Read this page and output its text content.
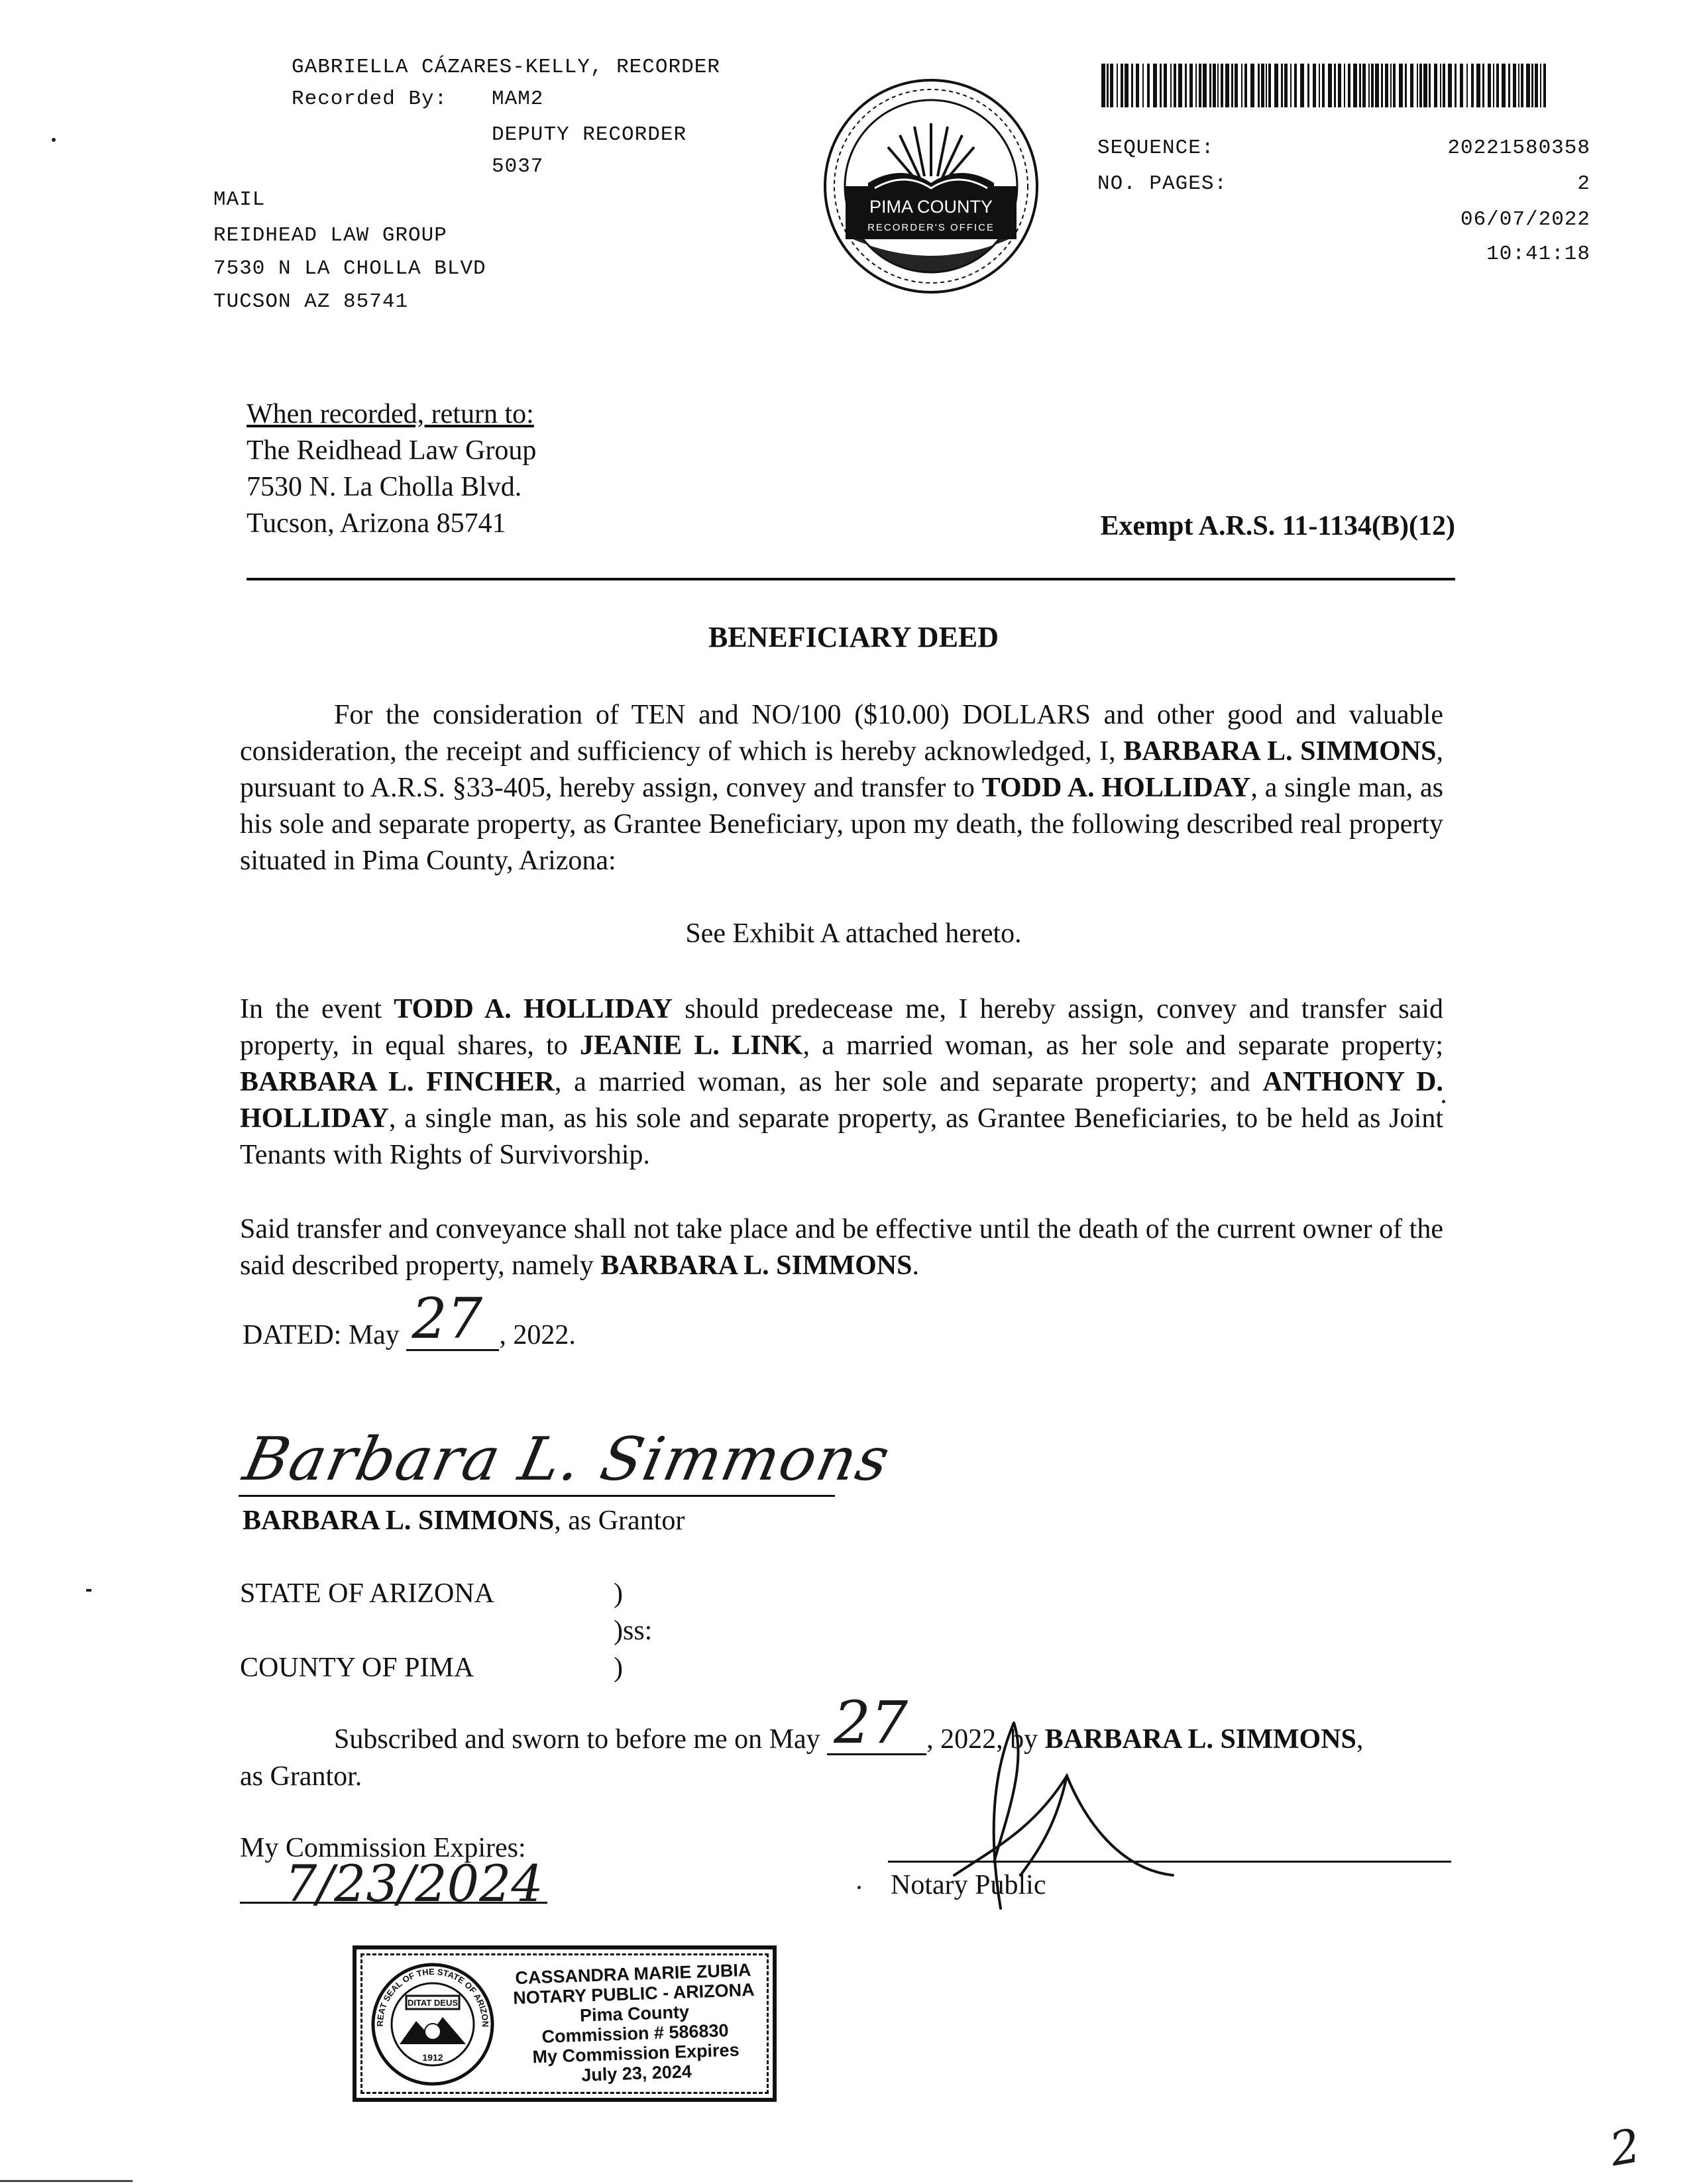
GABRIELLA CÁZARES-KELLY, RECORDER
Recorded By: MAM2
DEPUTY RECORDER
5037
MAIL
REIDHEAD LAW GROUP
7530 N LA CHOLLA BLVD
TUCSON AZ 85741
PIMA COUNTY
RECORDER'S OFFICE
SEQUENCE:	20221580358
NO. PAGES:	2
06/07/2022
10:41:18
When recorded, return to:
The Reidhead Law Group
7530 N. La Cholla Blvd.
Tucson, Arizona 85741	Exempt A.R.S. 11-1134(B)(12)
BENEFICIARY DEED
For the consideration of TEN and NO/100 ($10.00) DOLLARS and other good and valuable consideration, the receipt and sufficiency of which is hereby acknowledged, I, BARBARA L. SIMMONS, pursuant to A.R.S. §33-405, hereby assign, convey and transfer to TODD A. HOLLIDAY, a single man, as his sole and separate property, as Grantee Beneficiary, upon my death, the following described real property situated in Pima County, Arizona:
See Exhibit A attached hereto.
In the event TODD A. HOLLIDAY should predecease me, I hereby assign, convey and transfer said property, in equal shares, to JEANIE L. LINK, a married woman, as her sole and separate property; BARBARA L. FINCHER, a married woman, as her sole and separate property; and ANTHONY D. HOLLIDAY, a single man, as his sole and separate property, as Grantee Beneficiaries, to be held as Joint Tenants with Rights of Survivorship.
Said transfer and conveyance shall not take place and be effective until the death of the current owner of the said described property, namely BARBARA L. SIMMONS.
DATED: May 27 , 2022.
Barbara L. Simmons
BARBARA L. SIMMONS, as Grantor
STATE OF ARIZONA	)
)ss:
COUNTY OF PIMA	)
Subscribed and sworn to before me on May 27 , 2022, by BARBARA L. SIMMONS,
as Grantor.
My Commission Expires:
7/23/2024	Notary Public
DITAT DEUS
1912
REAT SEAL OF THE STATE OF ARIZON
CASSANDRA MARIE ZUBIA
NOTARY PUBLIC - ARIZONA
Pima County
Commission # 586830
My Commission Expires
July 23, 2024
2
